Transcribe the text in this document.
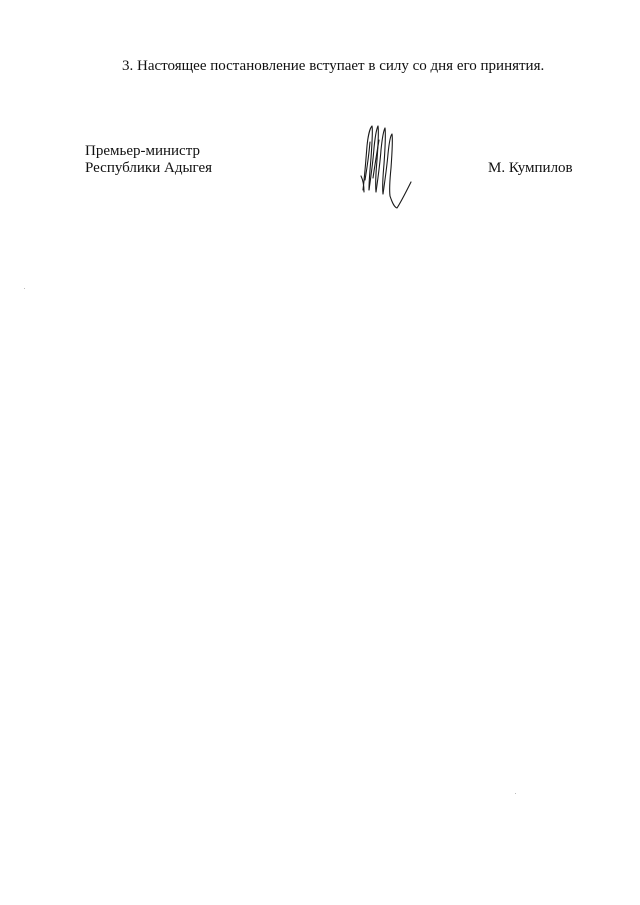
3. Настоящее постановление вступает в силу со дня его принятия.
Премьер-министр
Республики Адыгея	М. Кумпилов
